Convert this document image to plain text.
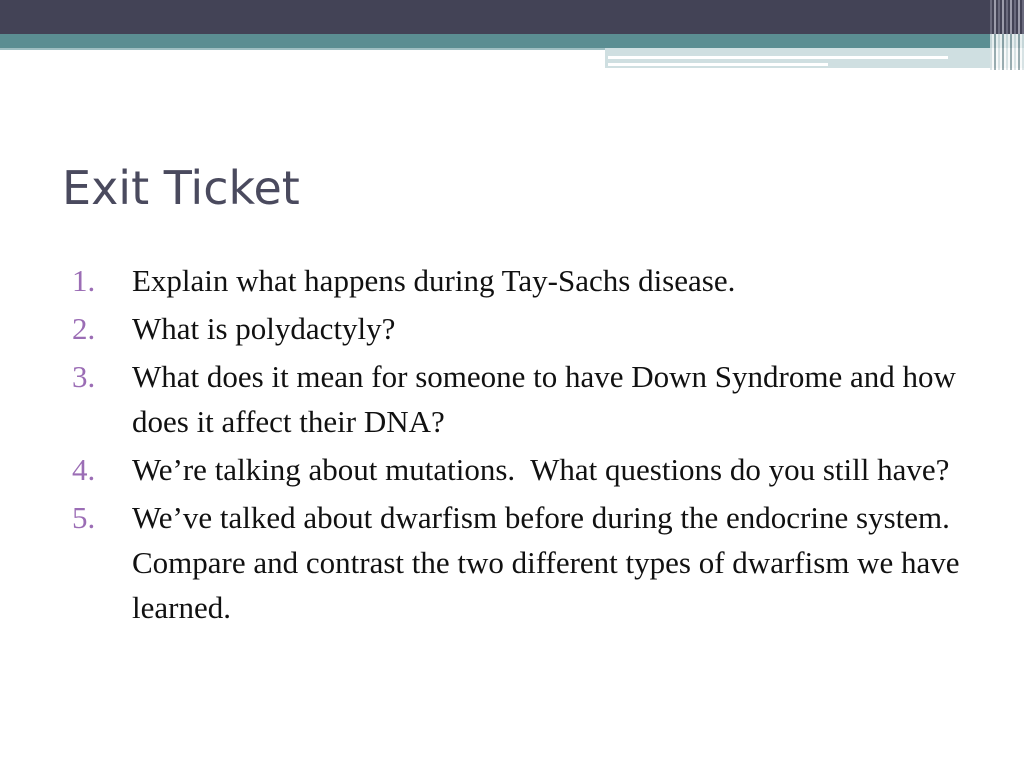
Exit Ticket
1.	Explain what happens during Tay-Sachs disease.
2.	What is polydactyly?
3.	What does it mean for someone to have Down Syndrome and how does it affect their DNA?
4.	We’re talking about mutations.  What questions do you still have?
5.	We’ve talked about dwarfism before during the endocrine system.  Compare and contrast the two different types of dwarfism we have learned.
